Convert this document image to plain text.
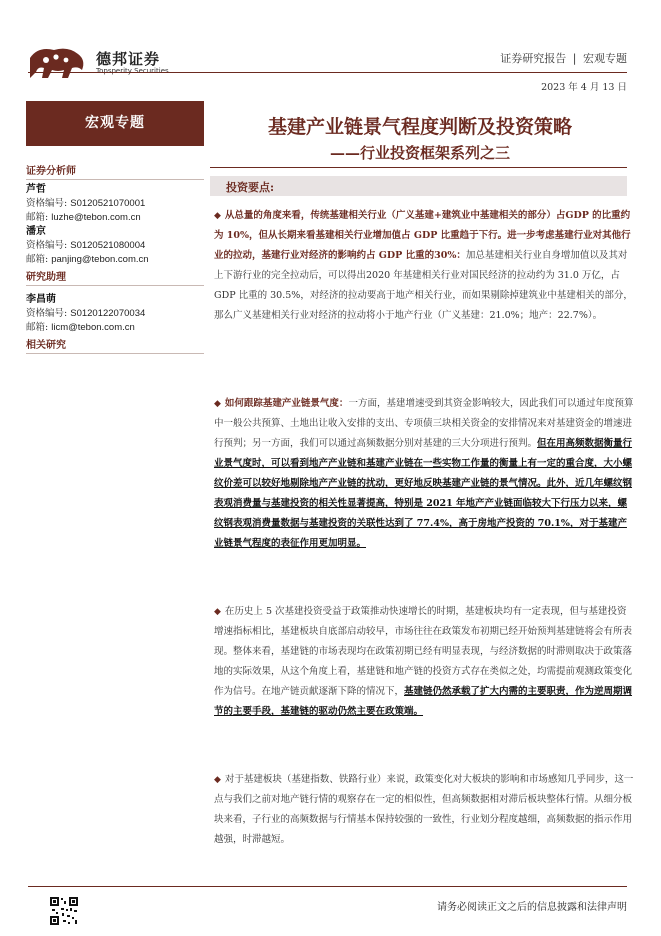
德邦证券
Topsperity Securities
证券研究报告 | 宏观专题
2023 年 4 月 13 日
宏观专题
证券分析师
芦哲
资格编号: S0120521070001
邮箱: luzhe@tebon.com.cn
潘京
资格编号: S0120521080004
邮箱: panjing@tebon.com.cn
研究助理
李昌萌
资格编号: S0120122070034
邮箱: licm@tebon.com.cn
相关研究
基建产业链景气程度判断及投资策略
——行业投资框架系列之三
投资要点:
◆ 从总量的角度来看，传统基建相关行业（广义基建+建筑业中基建相关的部分）占GDP 的比重约为 10%，但从长期来看基建相关行业增加值占 GDP 比重趋于下行。进一步考虑基建行业对其他行业的拉动，基建行业对经济的影响约占 GDP 比重的30%：加总基建相关行业自身增加值以及其对上下游行业的完全拉动后，可以得出2020 年基建相关行业对国民经济的拉动约为 31.0 万亿，占 GDP 比重的 30.5%，对经济的拉动要高于地产相关行业，而如果剔除掉建筑业中基建相关的部分，那么广义基建相关行业对经济的拉动将小于地产行业（广义基建：21.0%；地产：22.7%）。
◆ 如何跟踪基建产业链景气度：一方面，基建增速受到其资金影响较大，因此我们可以通过年度预算中一般公共预算、土地出让收入安排的支出、专项债三块相关资金的安排情况来对基建资金的增速进行预判；另一方面，我们可以通过高频数据分别对基建的三大分项进行预判。但在用高频数据衡量行业景气度时，可以看到地产产业链和基建产业链在一些实物工作量的衡量上有一定的重合度，大小螺纹价差可以较好地剔除地产产业链的扰动，更好地反映基建产业链的景气情况。此外，近几年螺纹钢表观消费量与基建投资的相关性显著提高，特别是 2021 年地产产业链面临较大下行压力以来，螺纹钢表观消费量数据与基建投资的关联性达到了 77.4%，高于房地产投资的 70.1%，对于基建产业链景气程度的表征作用更加明显。
◆ 在历史上 5 次基建投资受益于政策推动快速增长的时期，基建板块均有一定表现，但与基建投资增速指标相比，基建板块自底部启动较早，市场往往在政策发布初期已经开始预判基建链将会有所表现。整体来看，基建链的市场表现均在政策初期已经有明显表现，与经济数据的时滞则取决于政策落地的实际效果，从这个角度上看，基建链和地产链的投资方式存在类似之处，均需提前观测政策变化作为信号。在地产链贡献逐渐下降的情况下，基建链仍然承载了扩大内需的主要职责，作为逆周期调节的主要手段，基建链的驱动仍然主要在政策端。
◆ 对于基建板块（基建指数、铁路行业）来说，政策变化对大板块的影响和市场感知几乎同步，这一点与我们之前对地产链行情的观察存在一定的相似性，但高频数据相对滞后板块整体行情。从细分板块来看，子行业的高频数据与行情基本保持较强的一致性，行业划分程度越细，高频数据的指示作用越强，时滞越短。
请务必阅读正文之后的信息披露和法律声明
